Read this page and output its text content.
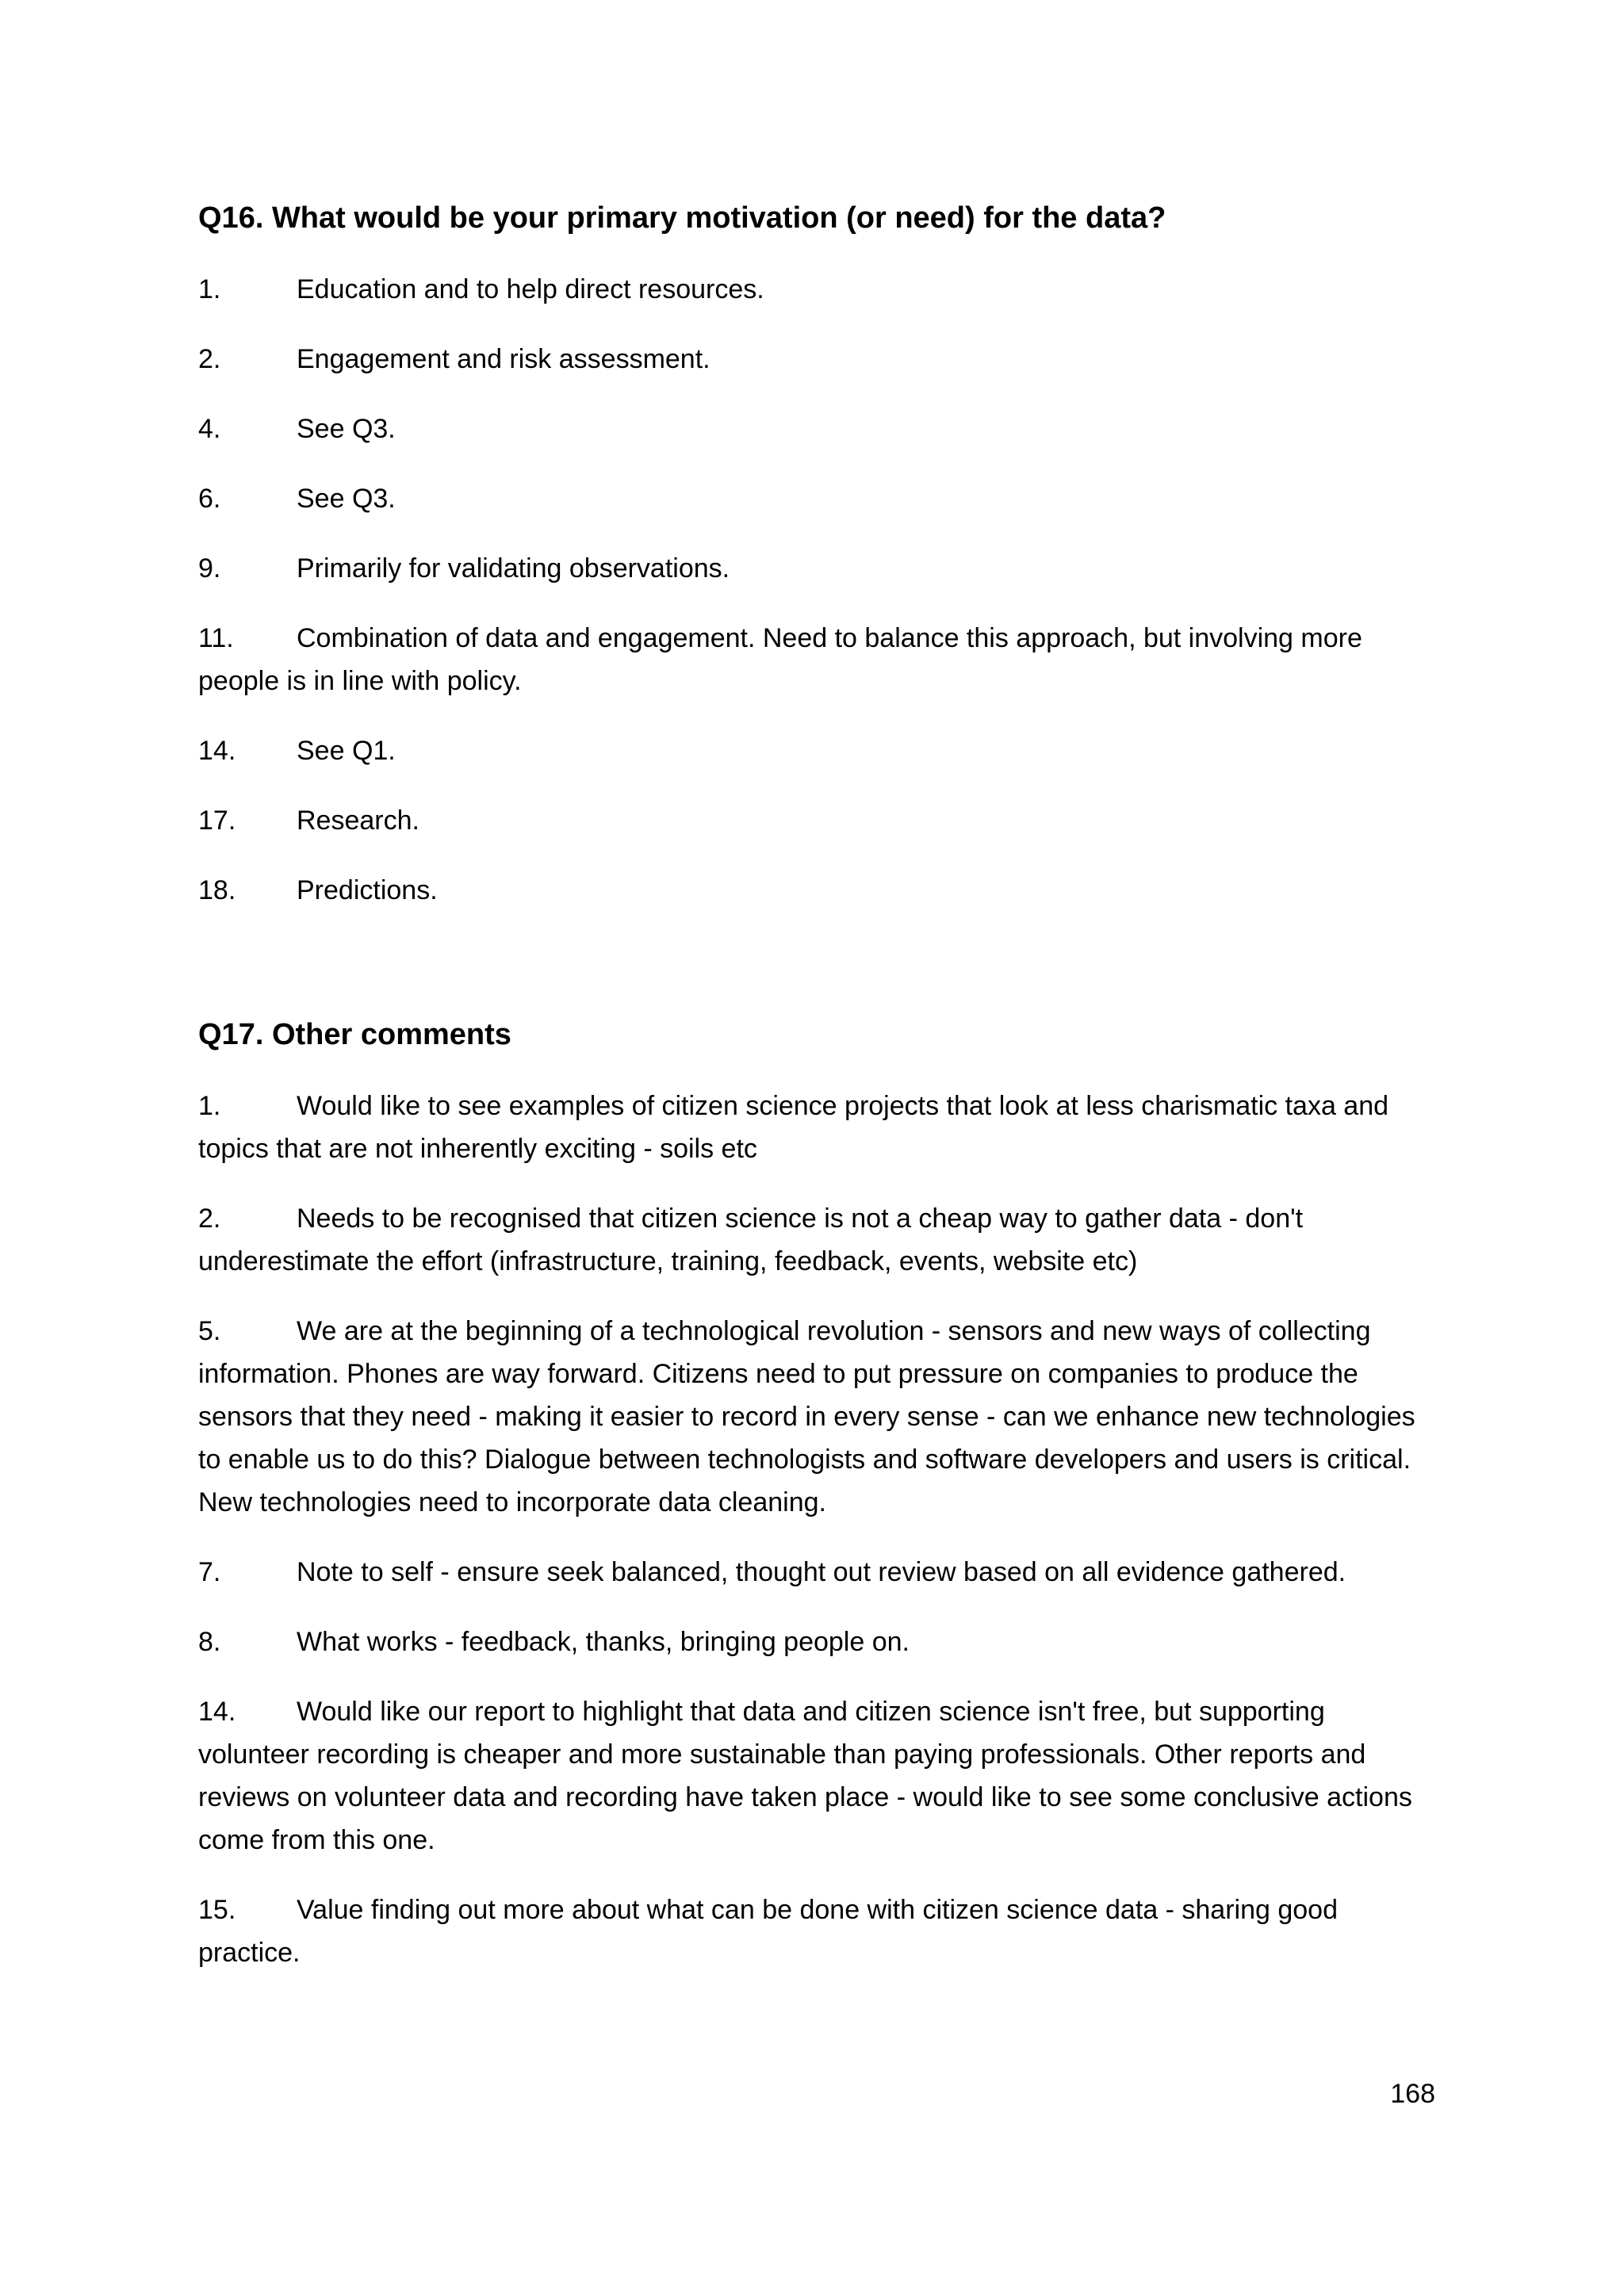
Q16. What would be your primary motivation (or need) for the data?

1.	Education and to help direct resources.

2.	Engagement and risk assessment.

4.	See Q3.

6.	See Q3.

9.	Primarily for validating observations.

11. Combination of data and engagement. Need to balance this approach, but involving more people is in line with policy.

14. See Q1.

17. Research.

18. Predictions.

Q17. Other comments

1.	Would like to see examples of citizen science projects that look at less charismatic taxa and topics that are not inherently exciting - soils etc

2.	Needs to be recognised that citizen science is not a cheap way to gather data - don't underestimate the effort (infrastructure, training, feedback, events, website etc)

5.	We are at the beginning of a technological revolution - sensors and new ways of collecting information. Phones are way forward. Citizens need to put pressure on companies to produce the sensors that they need - making it easier to record in every sense - can we enhance new technologies to enable us to do this? Dialogue between technologists and software developers and users is critical. New technologies need to incorporate data cleaning.

7.	Note to self - ensure seek balanced, thought out review based on all evidence gathered.

8.	What works - feedback, thanks, bringing people on.

14. Would like our report to highlight that data and citizen science isn't free, but supporting volunteer recording is cheaper and more sustainable than paying professionals. Other reports and reviews on volunteer data and recording have taken place - would like to see some conclusive actions come from this one.

15. Value finding out more about what can be done with citizen science data - sharing good practice.

168
